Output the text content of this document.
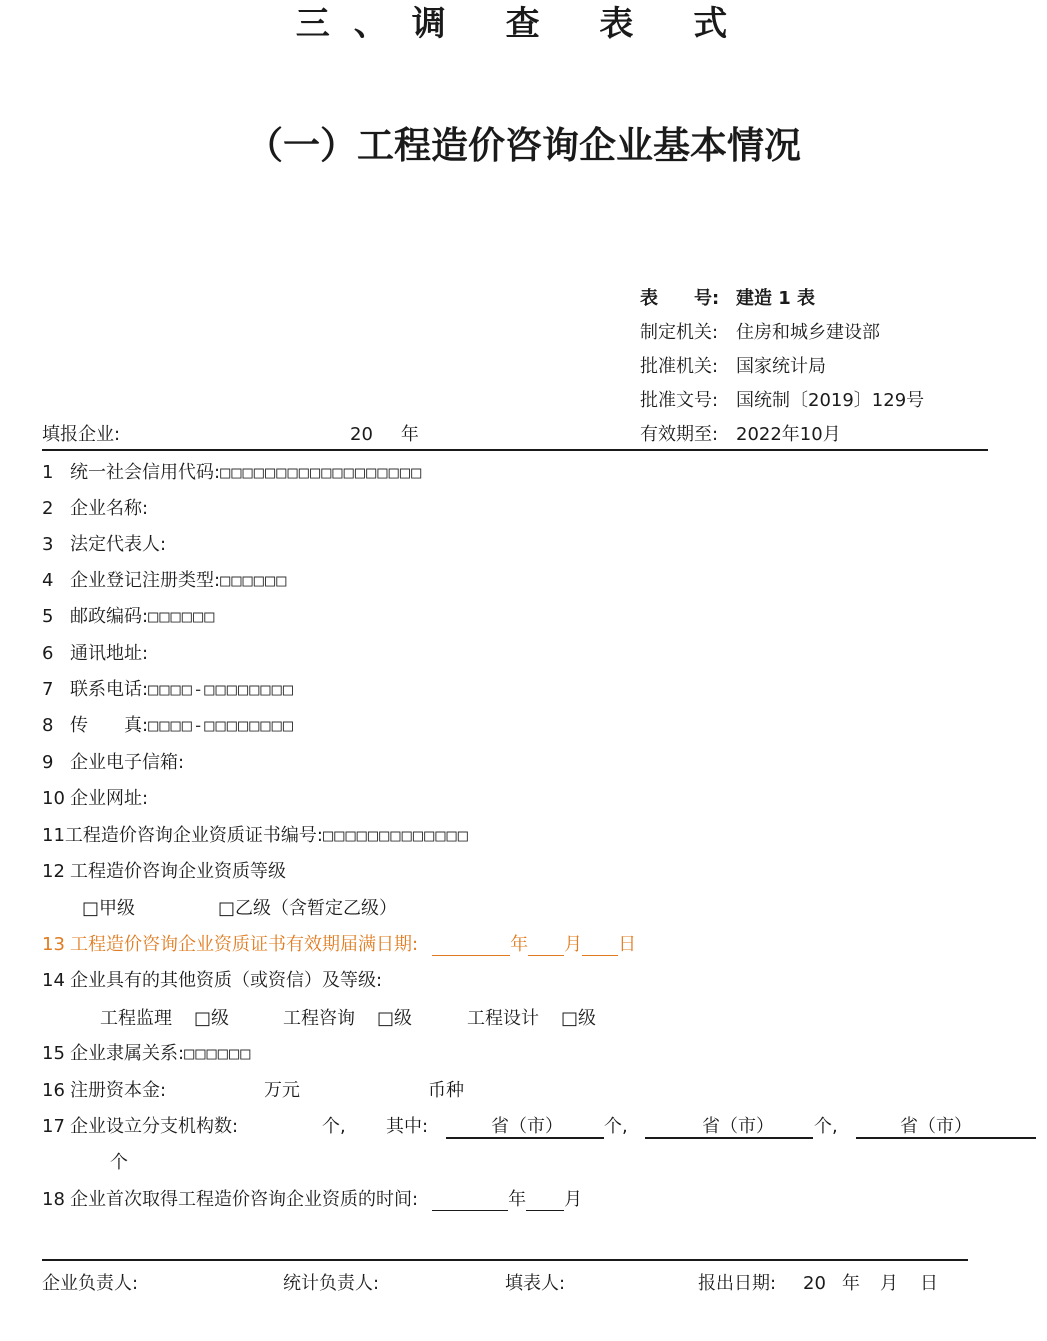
三、调 查 表 式
（一）工程造价咨询企业基本情况
表　　号: 建造 1 表
制定机关: 住房和城乡建设部
批准机关: 国家统计局
批准文号: 国统制〔2019〕129号
有效期至: 2022年10月
填报企业:	20 年
1 统一社会信用代码:□□□□□□□□□□□□□□□□□□
2 企业名称:
3 法定代表人:
4 企业登记注册类型:□□□□□□
5 邮政编码:□□□□□□
6 通讯地址:
7 联系电话:□□□□-□□□□□□□□
8 传　　真:□□□□-□□□□□□□□
9 企业电子信箱:
10 企业网址:
11工程造价咨询企业资质证书编号:□□□□□□□□□□□□□
12 工程造价咨询企业资质等级
□甲级	□乙级（含暂定乙级）
13 工程造价咨询企业资质证书有效期届满日期:	年 月 日
14 企业具有的其他资质（或资信）及等级:
工程监理 □级	工程咨询 □级	工程设计 □级
15 企业隶属关系:□□□□□□
16 注册资本金:	万元	币种
17 企业设立分支机构数:	个, 其中:	省（市） 个,	省（市） 个,	省（市）
个
18 企业首次取得工程造价咨询企业资质的时间:	年 月
企业负责人:	统计负责人:	填表人:	报出日期: 20 年 月 日
